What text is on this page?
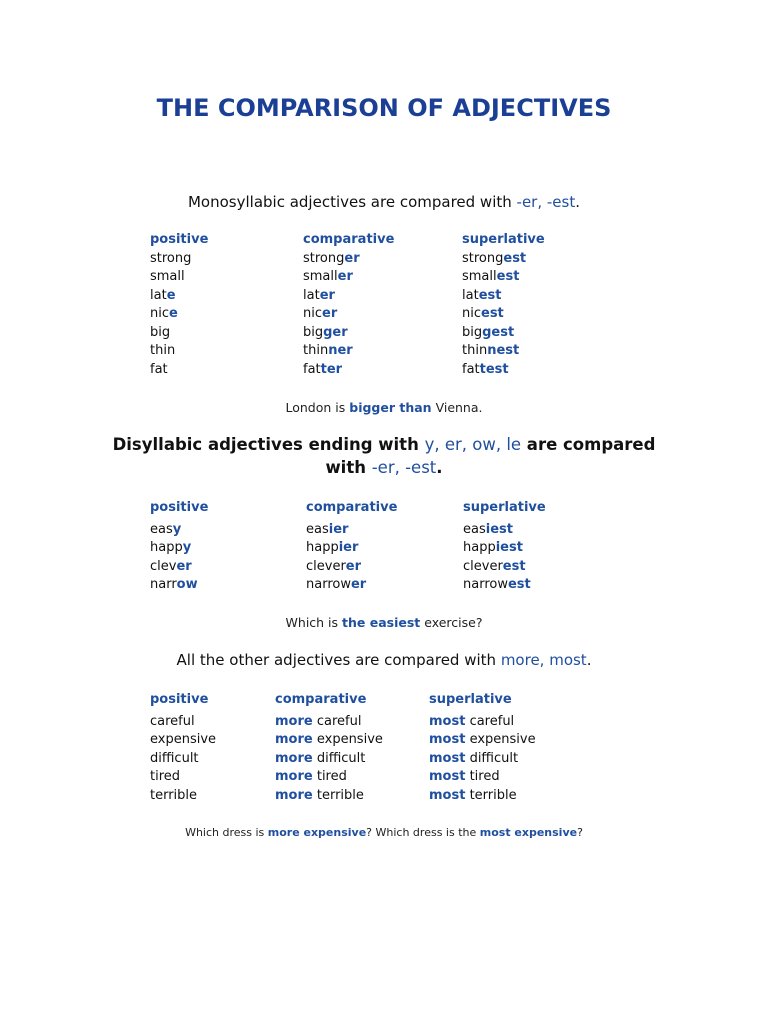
THE COMPARISON OF ADJECTIVES
Monosyllabic adjectives are compared with -er, -est.
positive
strong
small
late
nice
big
thin
fat
comparative
stronger
smaller
later
nicer
bigger
thinner
fatter
superlative
strongest
smallest
latest
nicest
biggest
thinnest
fattest
London is bigger than Vienna.
Disyllabic adjectives ending with y, er, ow, le are compared
with -er, -est.
positive
easy
happy
clever
narrow
comparative
easier
happier
cleverer
narrower
superlative
easiest
happiest
cleverest
narrowest
Which is the easiest exercise?
All the other adjectives are compared with more, most.
positive
careful
expensive
difficult
tired
terrible
comparative
more careful
more expensive
more difficult
more tired
more terrible
superlative
most careful
most expensive
most difficult
most tired
most terrible
Which dress is more expensive? Which dress is the most expensive?
